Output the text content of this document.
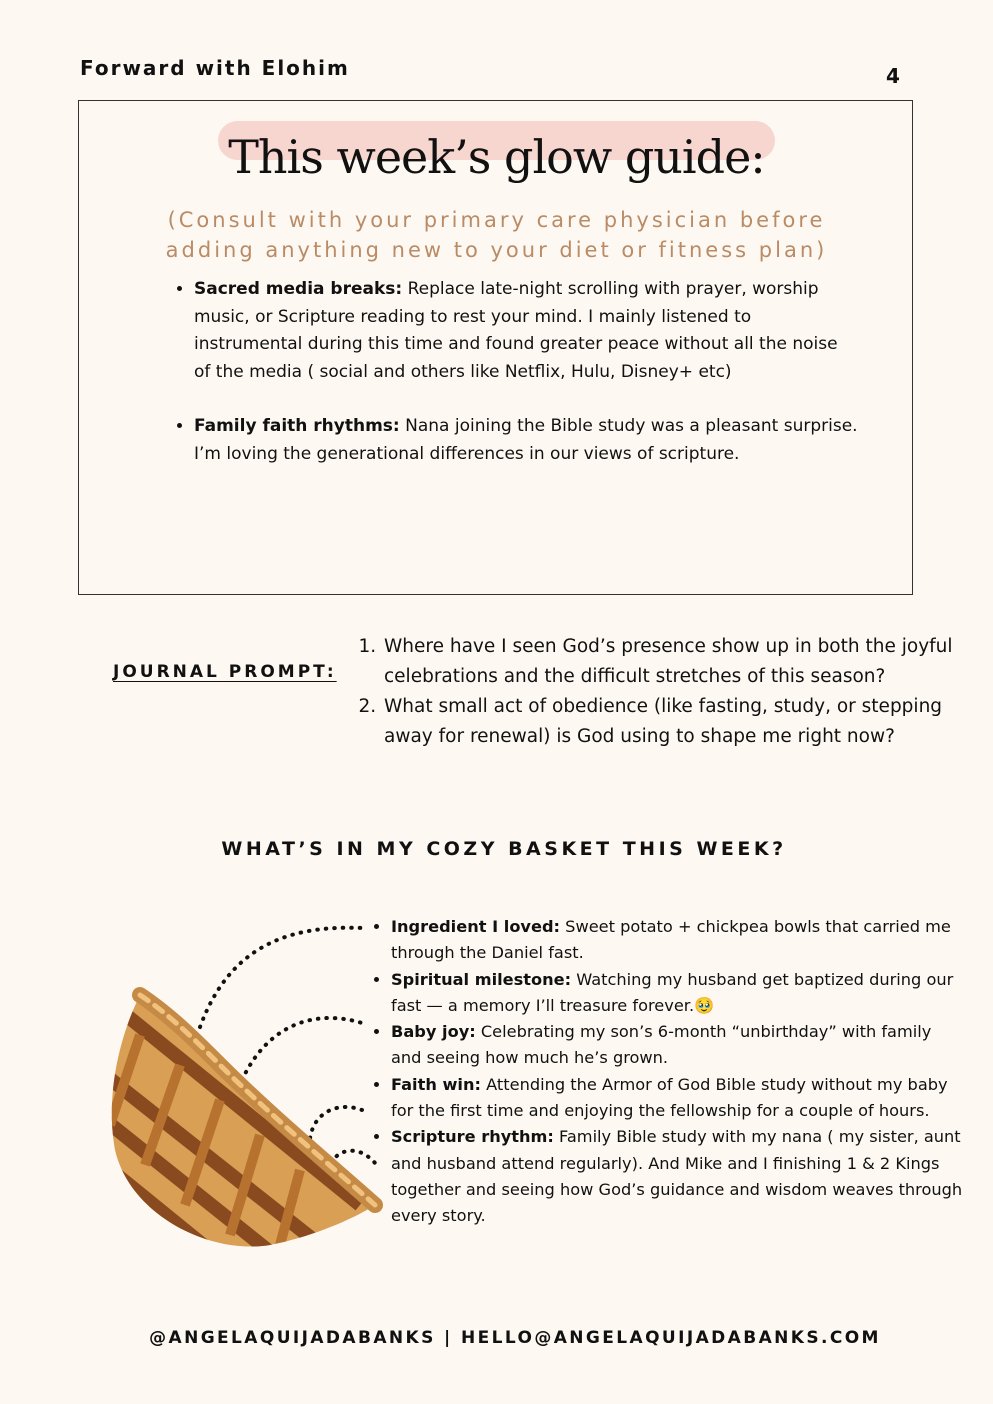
Forward with Elohim	4
This week’s glow guide:
(Consult with your primary care physician before adding anything new to your diet or fitness plan)
• Sacred media breaks: Replace late-night scrolling with prayer, worship music, or Scripture reading to rest your mind. I mainly listened to instrumental during this time and found greater peace without all the noise of the media ( social and others like Netflix, Hulu, Disney+ etc)
• Family faith rhythms: Nana joining the Bible study was a pleasant surprise. I’m loving the generational differences in our views of scripture.
JOURNAL PROMPT:
1. Where have I seen God’s presence show up in both the joyful celebrations and the difficult stretches of this season?
2. What small act of obedience (like fasting, study, or stepping away for renewal) is God using to shape me right now?
WHAT’S IN MY COZY BASKET THIS WEEK?
• Ingredient I loved: Sweet potato + chickpea bowls that carried me through the Daniel fast.
• Spiritual milestone: Watching my husband get baptized during our fast — a memory I’ll treasure forever.🥹
• Baby joy: Celebrating my son’s 6-month “unbirthday” with family and seeing how much he’s grown.
• Faith win: Attending the Armor of God Bible study without my baby for the first time and enjoying the fellowship for a couple of hours.
• Scripture rhythm: Family Bible study with my nana ( my sister, aunt and husband attend regularly). And Mike and I finishing 1 & 2 Kings together and seeing how God’s guidance and wisdom weaves through every story.
@ANGELAQUIJADABANKS | HELLO@ANGELAQUIJADABANKS.COM
